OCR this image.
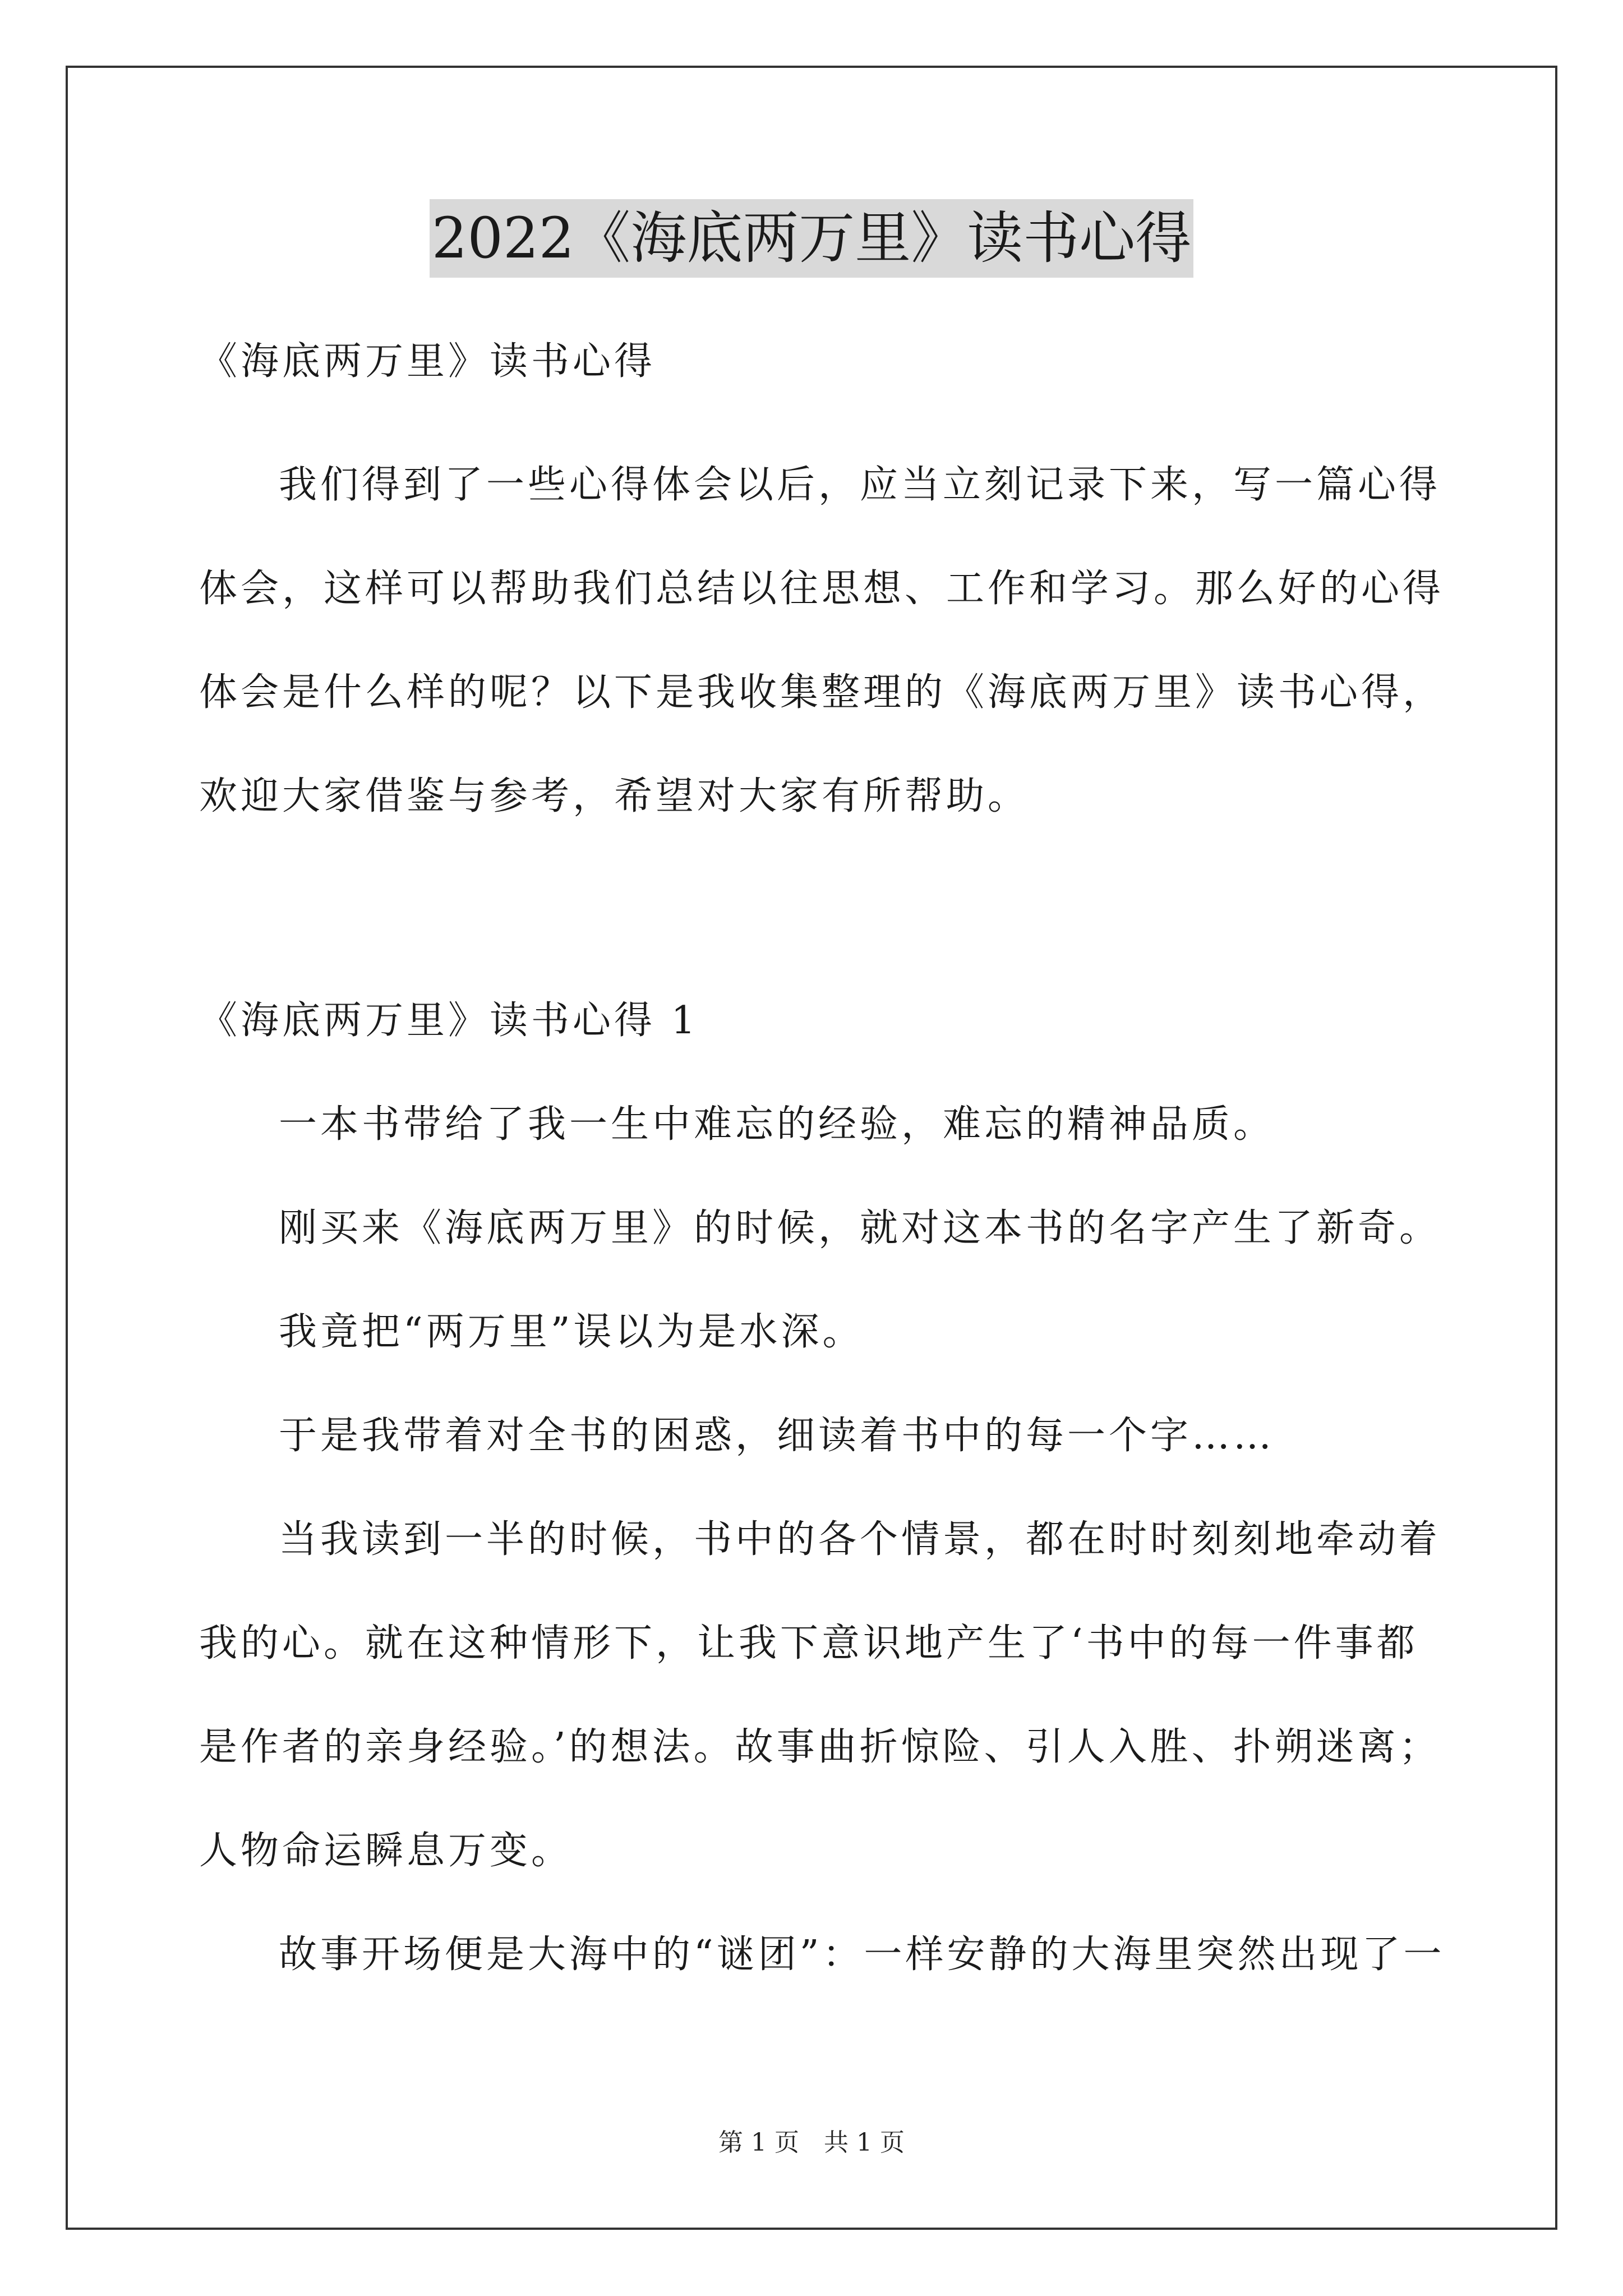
2022《海底两万里》读书心得
《海底两万里》读书心得
我们得到了一些心得体会以后，应当立刻记录下来，写一篇心得
体会，这样可以帮助我们总结以往思想、工作和学习。那么好的心得
体会是什么样的呢？以下是我收集整理的《海底两万里》读书心得，
欢迎大家借鉴与参考，希望对大家有所帮助。
《海底两万里》读书心得 1
一本书带给了我一生中难忘的经验，难忘的精神品质。
刚买来《海底两万里》的时候，就对这本书的名字产生了新奇。
我竟把“两万里”误以为是水深。
于是我带着对全书的困惑，细读着书中的每一个字……
当我读到一半的时候，书中的各个情景，都在时时刻刻地牵动着
我的心。就在这种情形下，让我下意识地产生了‘书中的每一件事都
是作者的亲身经验。’的想法。故事曲折惊险、引人入胜、扑朔迷离；
人物命运瞬息万变。
故事开场便是大海中的“谜团”：一样安静的大海里突然出现了一
第 1 页　共 1 页
